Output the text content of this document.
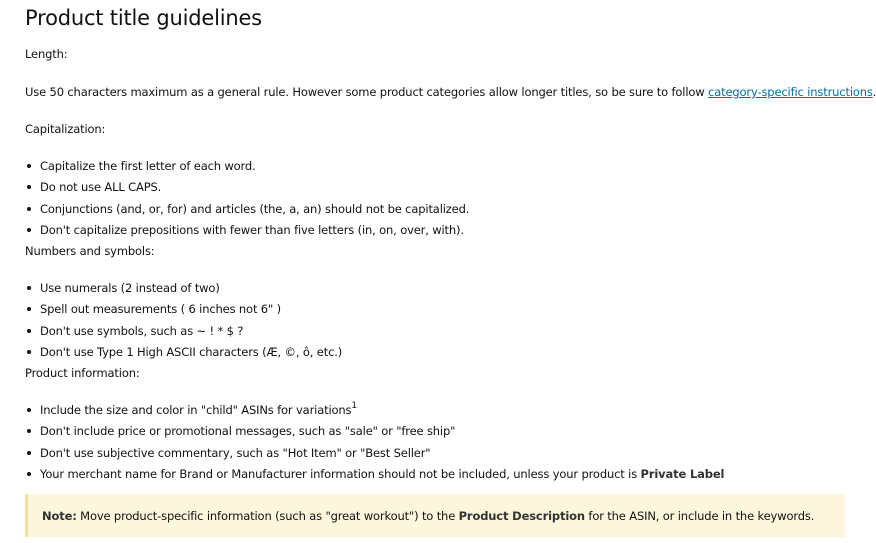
Product title guidelines
Length:
Use 50 characters maximum as a general rule. However some product categories allow longer titles, so be sure to follow category-specific instructions.
Capitalization:
Capitalize the first letter of each word.
Do not use ALL CAPS.
Conjunctions (and, or, for) and articles (the, a, an) should not be capitalized.
Don't capitalize prepositions with fewer than five letters (in, on, over, with).
Numbers and symbols:
Use numerals (2 instead of two)
Spell out measurements ( 6 inches not 6" )
Don't use symbols, such as ~ ! * $ ?
Don't use Type 1 High ASCII characters (Æ, ©, ô, etc.)
Product information:
Include the size and color in "child" ASINs for variations$^1$
Don't include price or promotional messages, such as "sale" or "free ship"
Don't use subjective commentary, such as "Hot Item" or "Best Seller"
Your merchant name for Brand or Manufacturer information should not be included, unless your product is Private Label
Note: Move product-specific information (such as "great workout") to the Product Description for the ASIN, or include in the keywords.
